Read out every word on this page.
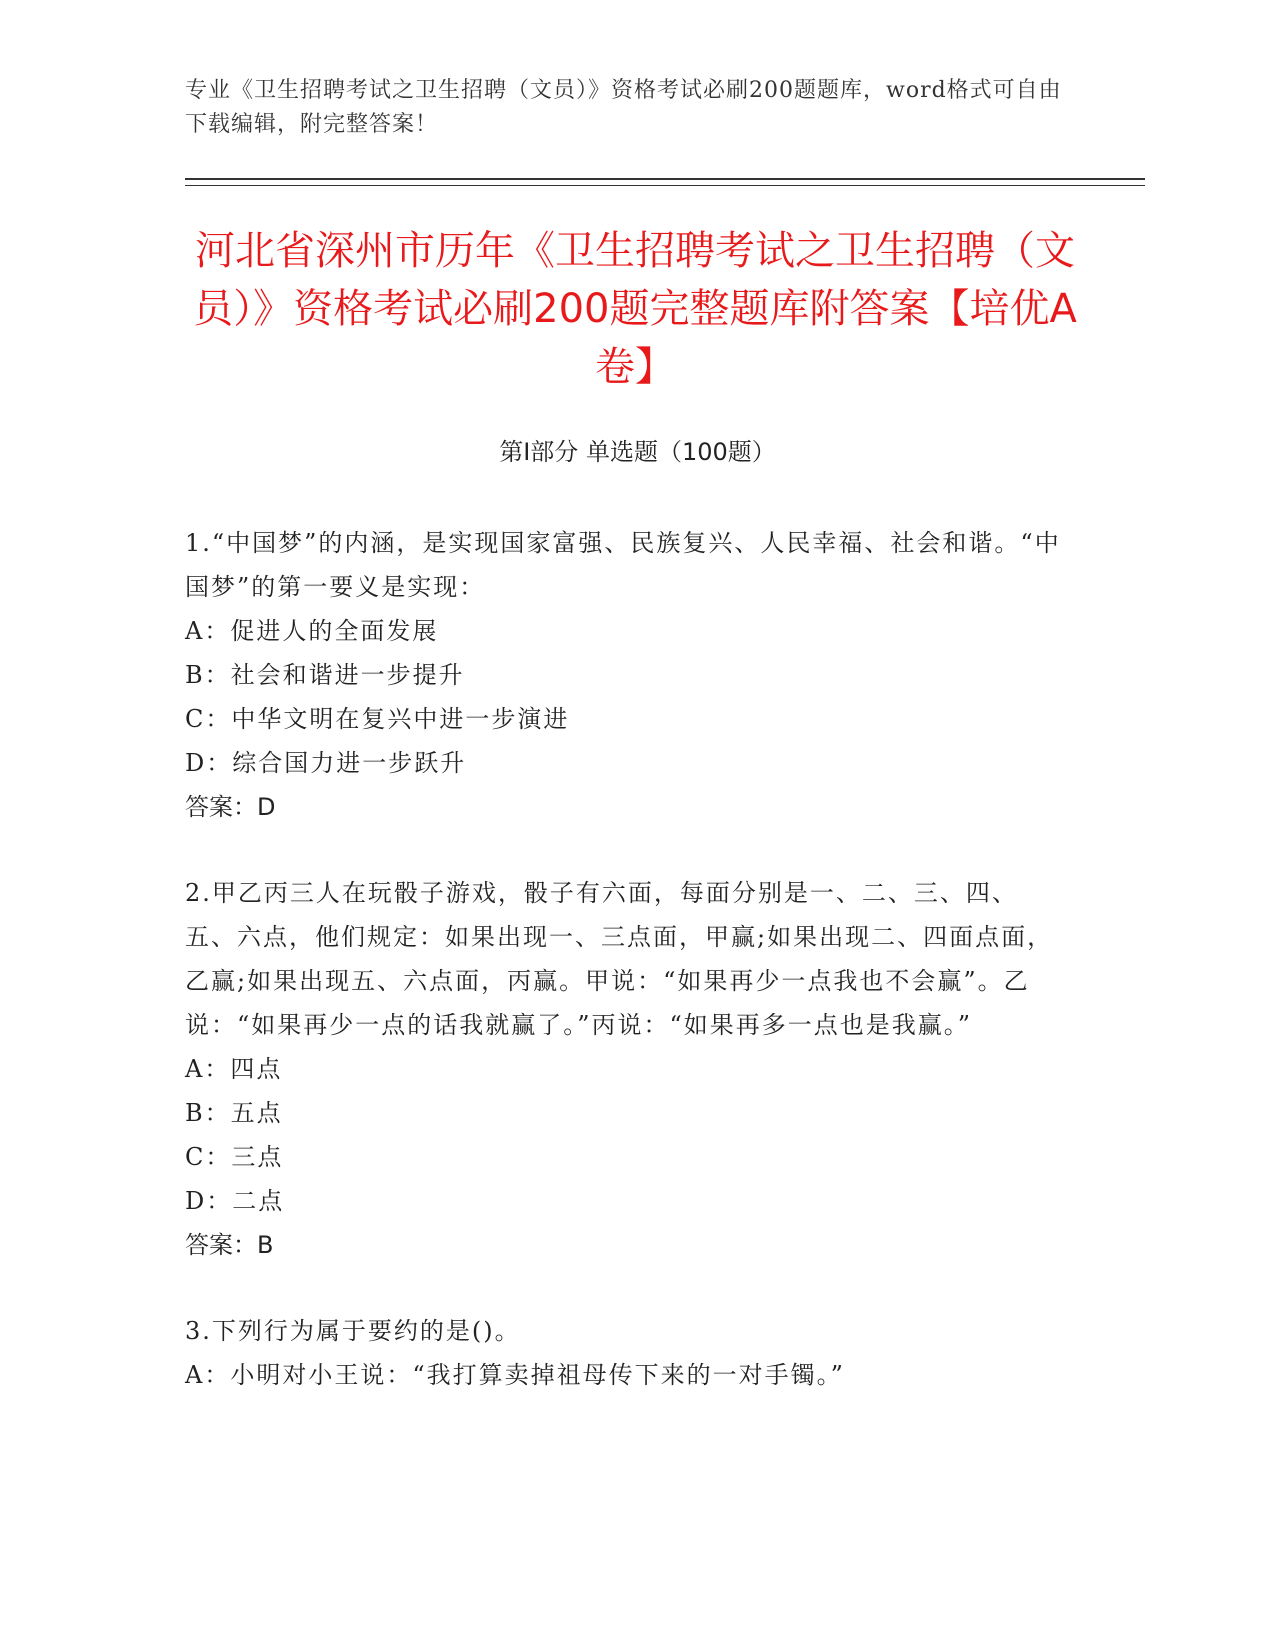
专业《卫生招聘考试之卫生招聘（文员）》资格考试必刷200题题库，word格式可自由下载编辑，附完整答案！
河北省深州市历年《卫生招聘考试之卫生招聘（文员）》资格考试必刷200题完整题库附答案【培优A卷】
第I部分 单选题（100题）

1.“中国梦”的内涵，是实现国家富强、民族复兴、人民幸福、社会和谐。“中国梦”的第一要义是实现：

A：促进人的全面发展

B：社会和谐进一步提升

C：中华文明在复兴中进一步演进

D：综合国力进一步跃升

答案：D

2.甲乙丙三人在玩骰子游戏，骰子有六面，每面分别是一、二、三、四、五、六点，他们规定：如果出现一、三点面，甲赢;如果出现二、四面点面，乙赢;如果出现五、六点面，丙赢。甲说：“如果再少一点我也不会赢”。乙说：“如果再少一点的话我就赢了。”丙说：“如果再多一点也是我赢。”

A：四点

B：五点

C：三点

D：二点

答案：B

3.下列行为属于要约的是()。

A：小明对小王说：“我打算卖掉祖母传下来的一对手镯。”
